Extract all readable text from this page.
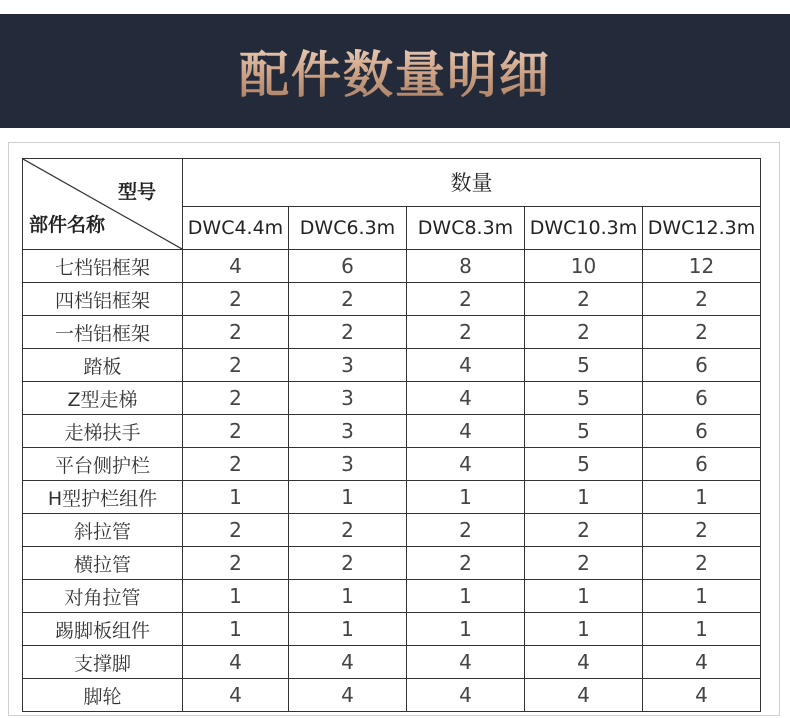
配件数量明细
型号
部件名称	数量				
	DWC4.4m	DWC6.3m	DWC8.3m	DWC10.3m	DWC12.3m
七档铝框架	4	6	8	10	12
四档铝框架	2	2	2	2	2
一档铝框架	2	2	2	2	2
踏板	2	3	4	5	6
Z型走梯	2	3	4	5	6
走梯扶手	2	3	4	5	6
平台侧护栏	2	3	4	5	6
H型护栏组件	1	1	1	1	1
斜拉管	2	2	2	2	2
横拉管	2	2	2	2	2
对角拉管	1	1	1	1	1
踢脚板组件	1	1	1	1	1
支撑脚	4	4	4	4	4
脚轮	4	4	4	4	4
